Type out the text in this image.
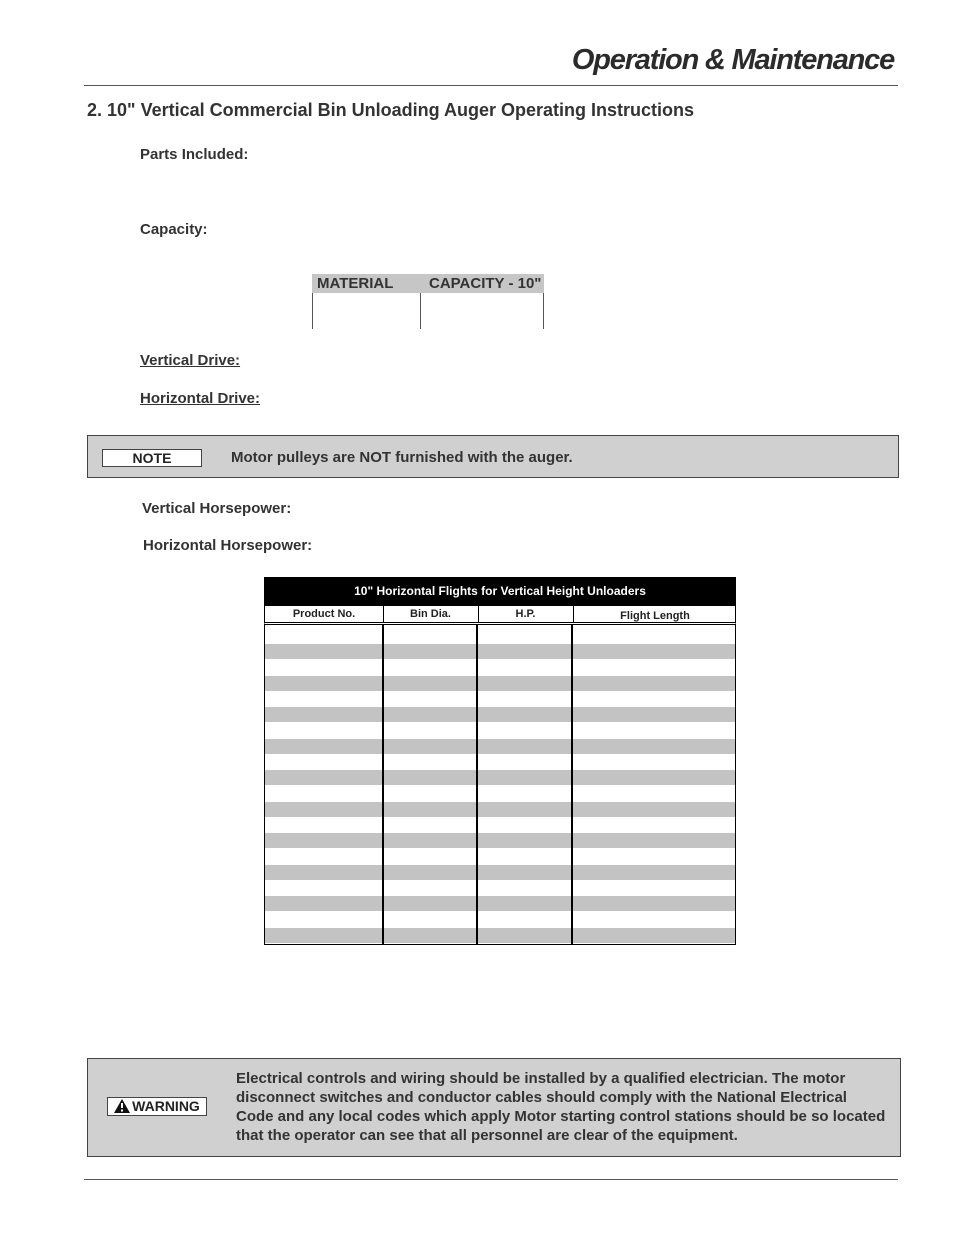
Operation & Maintenance
2. 10" Vertical Commercial Bin Unloading Auger Operating Instructions
Parts Included:
Capacity:
MATERIAL CAPACITY - 10"
Vertical Drive:
Horizontal Drive:
NOTE	Motor pulleys are NOT furnished with the auger.
Vertical Horsepower:
Horizontal Horsepower:
10" Horizontal Flights for Vertical Height Unloaders
Product No.	Bin Dia.	H.P.	Flight Length
WARNING
Electrical controls and wiring should be installed by a qualified electrician. The motor disconnect switches and conductor cables should comply with the National Electrical Code and any local codes which apply Motor starting control stations should be so located that the operator can see that all personnel are clear of the equipment.
